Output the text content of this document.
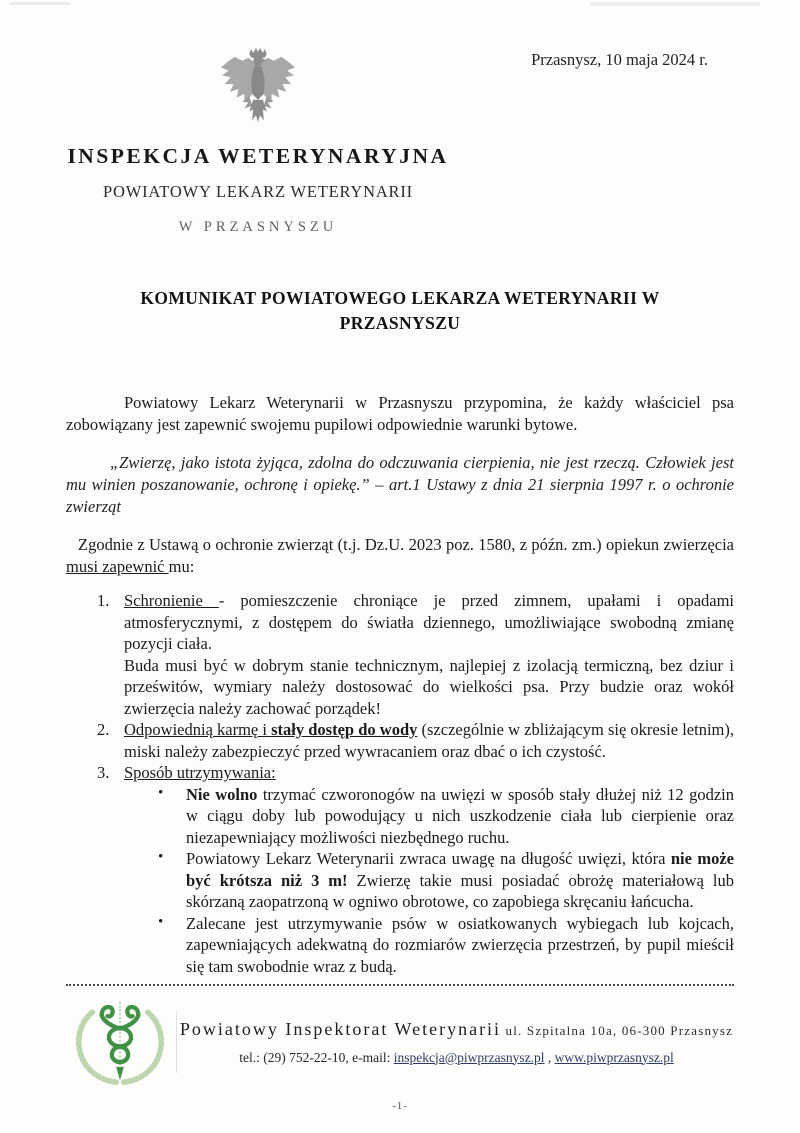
INSPEKCJA WETERYNARYJNA
POWIATOWY LEKARZ WETERYNARII
W PRZASNYSZU
Przasnysz, 10 maja 2024 r.
KOMUNIKAT POWIATOWEGO LEKARZA WETERYNARII W PRZASNYSZU

Powiatowy Lekarz Weterynarii w Przasnyszu przypomina, że każdy właściciel psa zobowiązany jest zapewnić swojemu pupilowi odpowiednie warunki bytowe.

„Zwierzę, jako istota żyjąca, zdolna do odczuwania cierpienia, nie jest rzeczą. Człowiek jest mu winien poszanowanie, ochronę i opiekę.” – art.1 Ustawy z dnia 21 sierpnia 1997 r. o ochronie zwierząt

Zgodnie z Ustawą o ochronie zwierząt (t.j. Dz.U. 2023 poz. 1580, z późn. zm.) opiekun zwierzęcia musi zapewnić mu:

1. Schronienie - pomieszczenie chroniące je przed zimnem, upałami i opadami atmosferycznymi, z dostępem do światła dziennego, umożliwiające swobodną zmianę pozycji ciała.

Buda musi być w dobrym stanie technicznym, najlepiej z izolacją termiczną, bez dziur i prześwitów, wymiary należy dostosować do wielkości psa. Przy budzie oraz wokół zwierzęcia należy zachować porządek!

2. Odpowiednią karmę i stały dostęp do wody (szczególnie w zbliżającym się okresie letnim), miski należy zabezpieczyć przed wywracaniem oraz dbać o ich czystość.

3. Sposób utrzymywania:

• Nie wolno trzymać czworonogów na uwięzi w sposób stały dłużej niż 12 godzin w ciągu doby lub powodujący u nich uszkodzenie ciała lub cierpienie oraz niezapewniający możliwości niezbędnego ruchu.

• Powiatowy Lekarz Weterynarii zwraca uwagę na długość uwięzi, która nie może być krótsza niż 3 m! Zwierzę takie musi posiadać obrożę materiałową lub skórzaną zaopatrzoną w ogniwo obrotowe, co zapobiega skręcaniu łańcucha.

• Zalecane jest utrzymywanie psów w osiatkowanych wybiegach lub kojcach, zapewniających adekwatną do rozmiarów zwierzęcia przestrzeń, by pupil mieścił się tam swobodnie wraz z budą.

Powiatowy Inspektorat Weterynarii ul. Szpitalna 10a, 06-300 Przasnysz
tel.: (29) 752-22-10, e-mail: inspekcja@piwprzasnysz.pl , www.piwprzasnysz.pl
-1-
